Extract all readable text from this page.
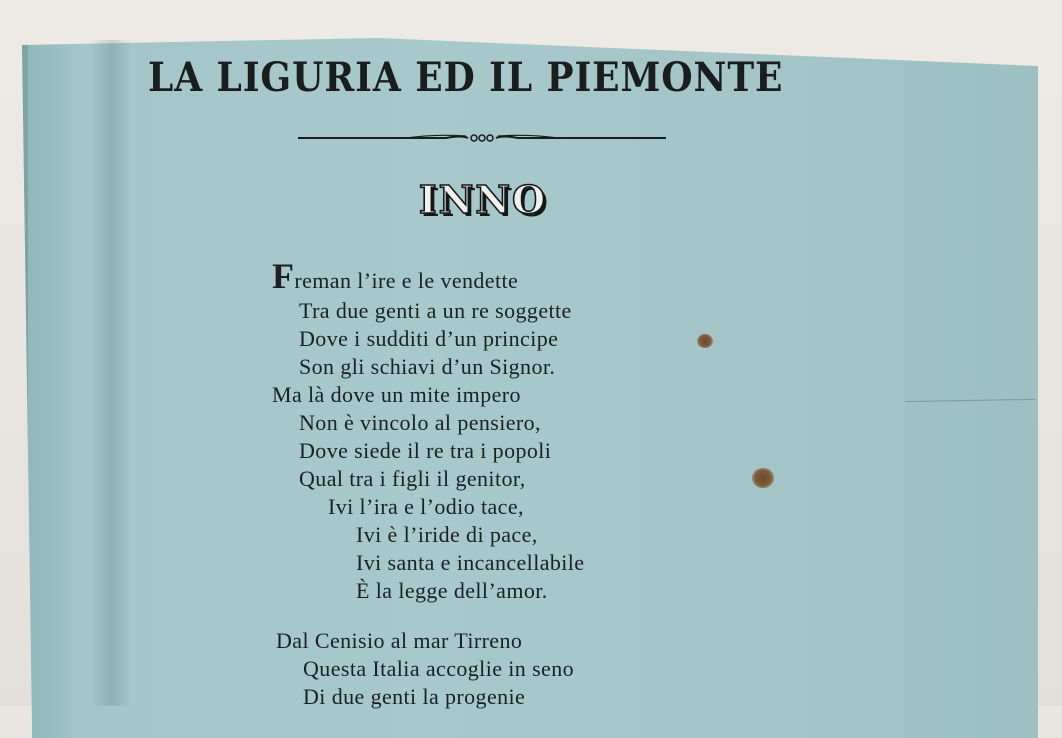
LA LIGURIA ED IL PIEMONTE
INNO
Freman l’ire e le vendette
Tra due genti a un re soggette
Dove i sudditi d’un principe
Son gli schiavi d’un Signor.
Ma là dove un mite impero
Non è vincolo al pensiero,
Dove siede il re tra i popoli
Qual tra i figli il genitor,
Ivi l’ira e l’odio tace,
Ivi è l’iride di pace,
Ivi santa e incancellabile
È la legge dell’amor.
Dal Cenisio al mar Tirreno
Questa Italia accoglie in seno
Di due genti la progenie
